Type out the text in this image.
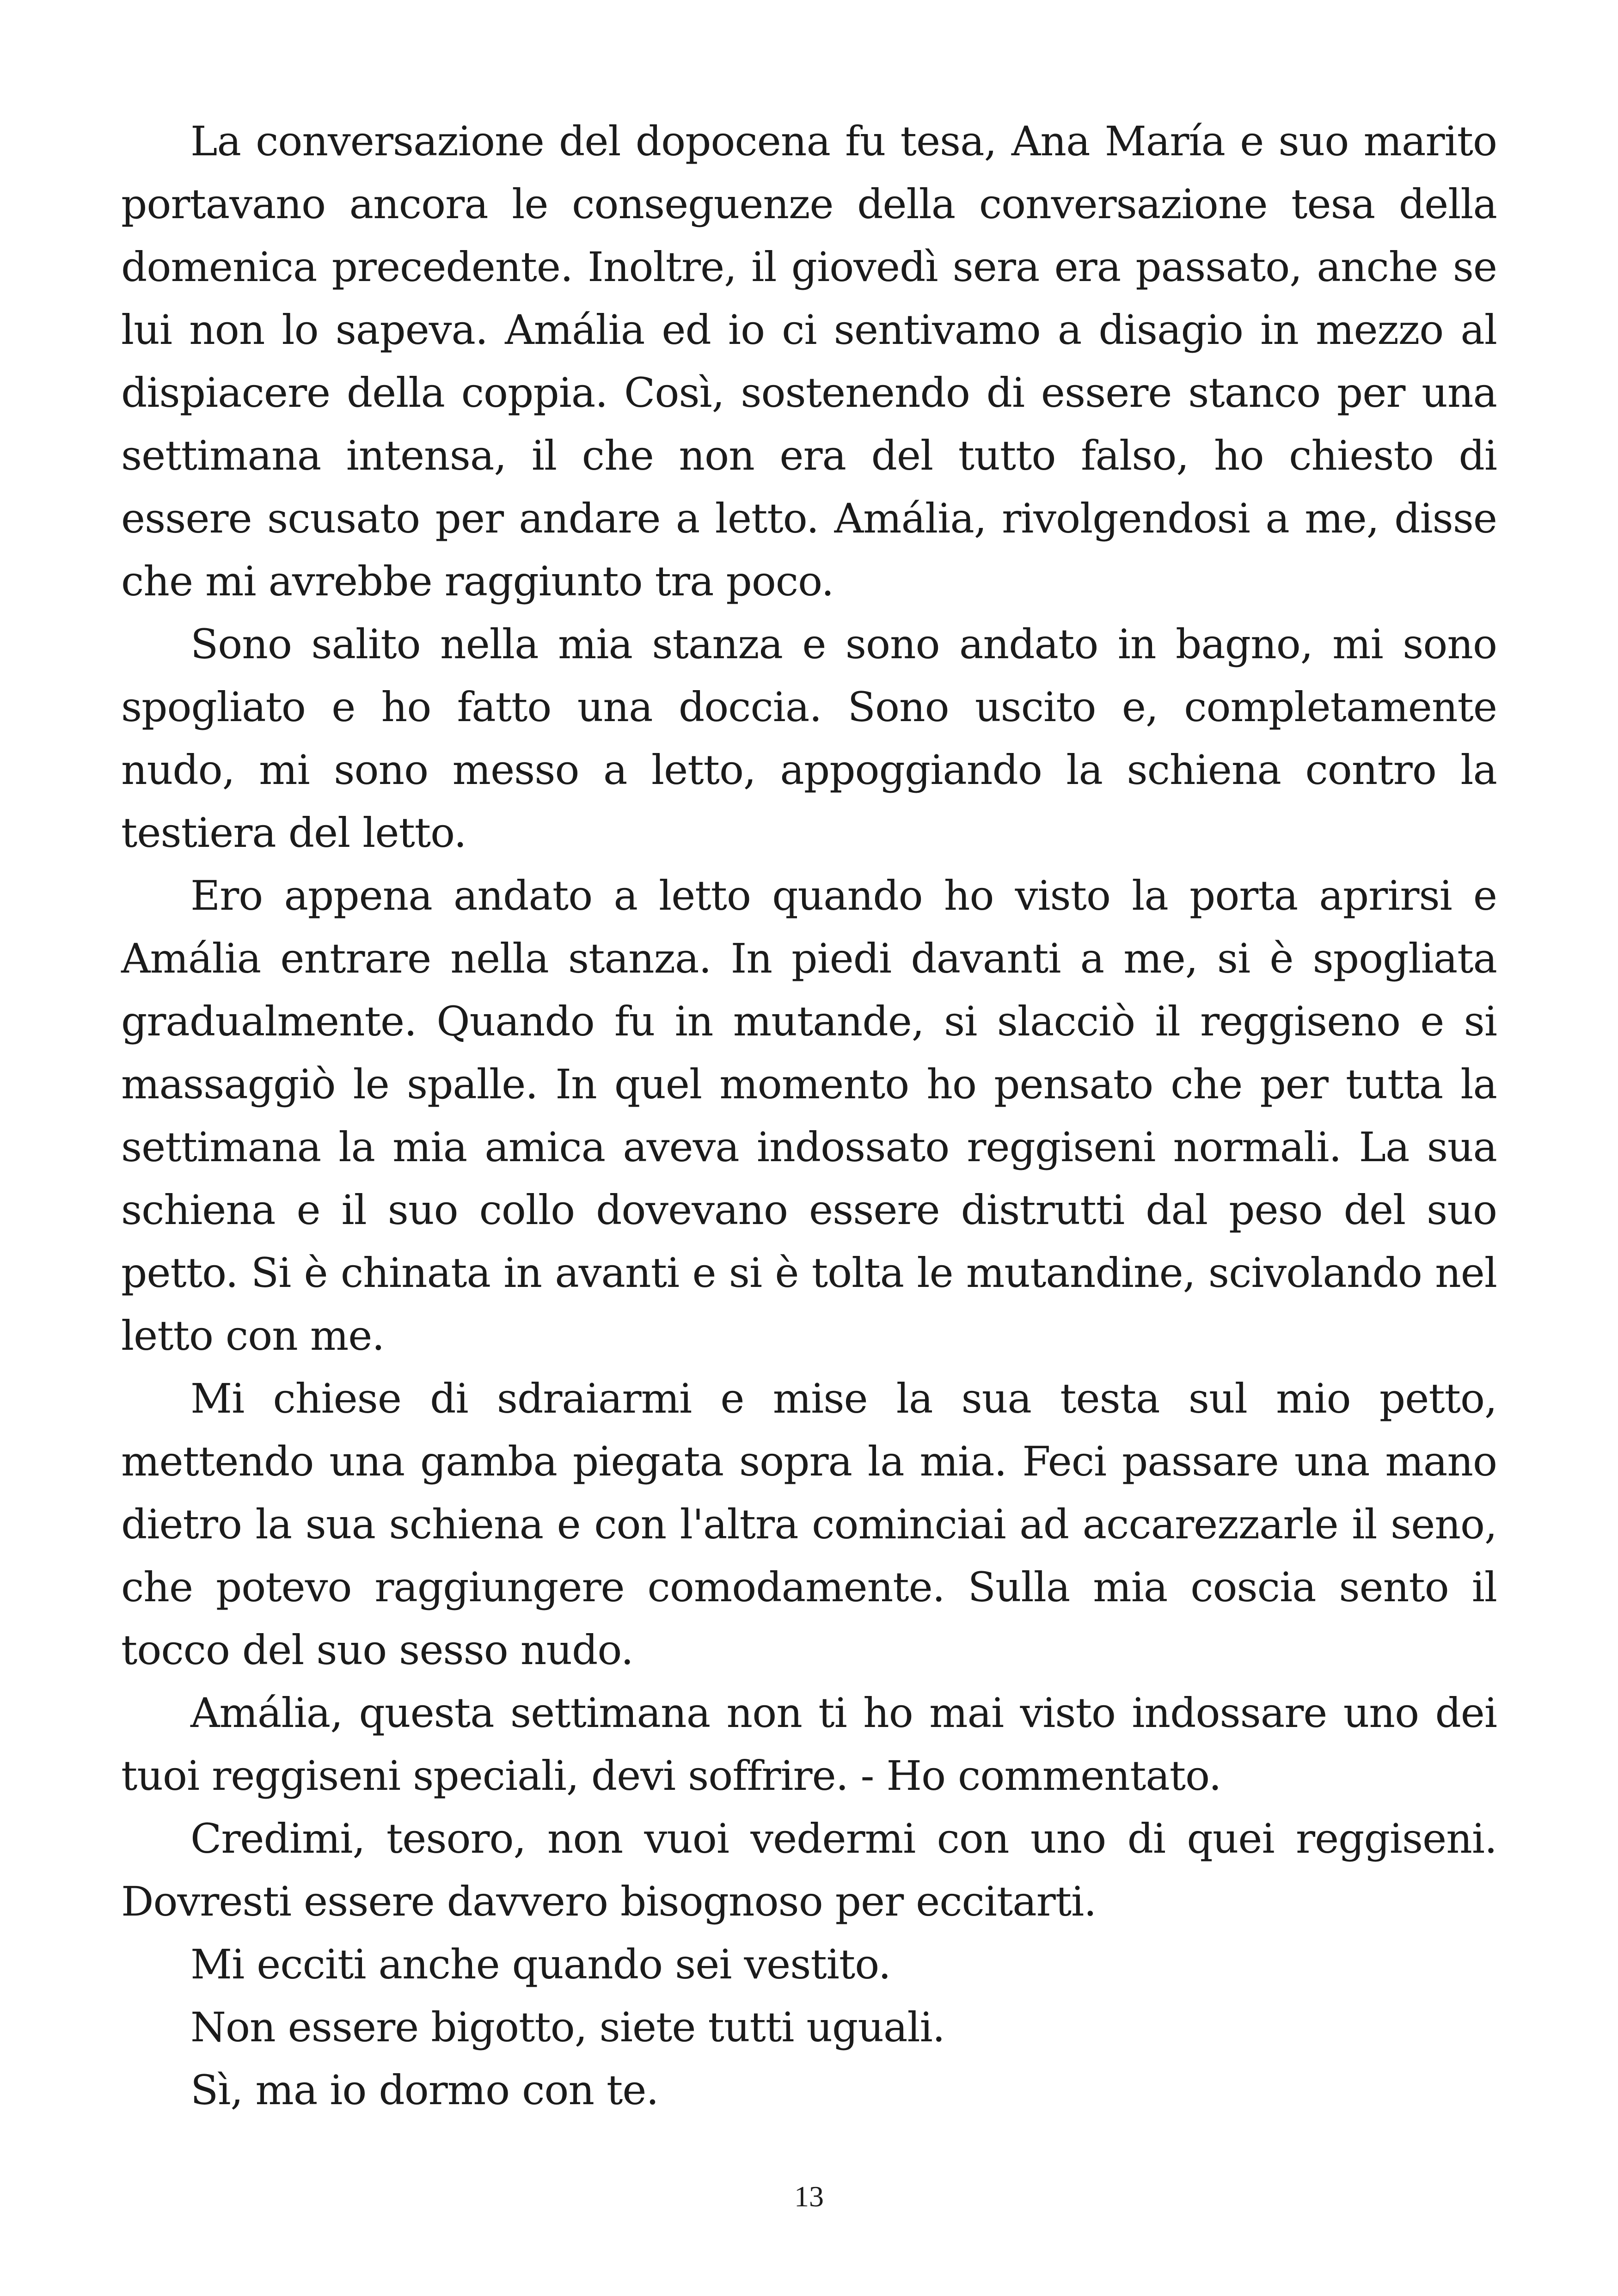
La conversazione del dopocena fu tesa, Ana María e suo marito portavano ancora le conseguenze della conversazione tesa della domenica precedente. Inoltre, il giovedì sera era passato, anche se lui non lo sapeva. Amália ed io ci sentivamo a disagio in mezzo al dispiacere della coppia. Così, sostenendo di essere stanco per una settimana intensa, il che non era del tutto falso, ho chiesto di essere scusato per andare a letto. Amália, rivolgendosi a me, disse che mi avrebbe raggiunto tra poco.

Sono salito nella mia stanza e sono andato in bagno, mi sono spogliato e ho fatto una doccia. Sono uscito e, completamente nudo, mi sono messo a letto, appoggiando la schiena contro la testiera del letto.

Ero appena andato a letto quando ho visto la porta aprirsi e Amália entrare nella stanza. In piedi davanti a me, si è spogliata gradualmente. Quando fu in mutande, si slacciò il reggiseno e si massaggiò le spalle. In quel momento ho pensato che per tutta la settimana la mia amica aveva indossato reggiseni normali. La sua schiena e il suo collo dovevano essere distrutti dal peso del suo petto. Si è chinata in avanti e si è tolta le mutandine, scivolando nel letto con me.

Mi chiese di sdraiarmi e mise la sua testa sul mio petto, mettendo una gamba piegata sopra la mia. Feci passare una mano dietro la sua schiena e con l'altra cominciai ad accarezzarle il seno, che potevo raggiungere comodamente. Sulla mia coscia sento il tocco del suo sesso nudo.

Amália, questa settimana non ti ho mai visto indossare uno dei tuoi reggiseni speciali, devi soffrire. - Ho commentato.

Credimi, tesoro, non vuoi vedermi con uno di quei reggiseni. Dovresti essere davvero bisognoso per eccitarti.

Mi ecciti anche quando sei vestito.

Non essere bigotto, siete tutti uguali.

Sì, ma io dormo con te.

13
